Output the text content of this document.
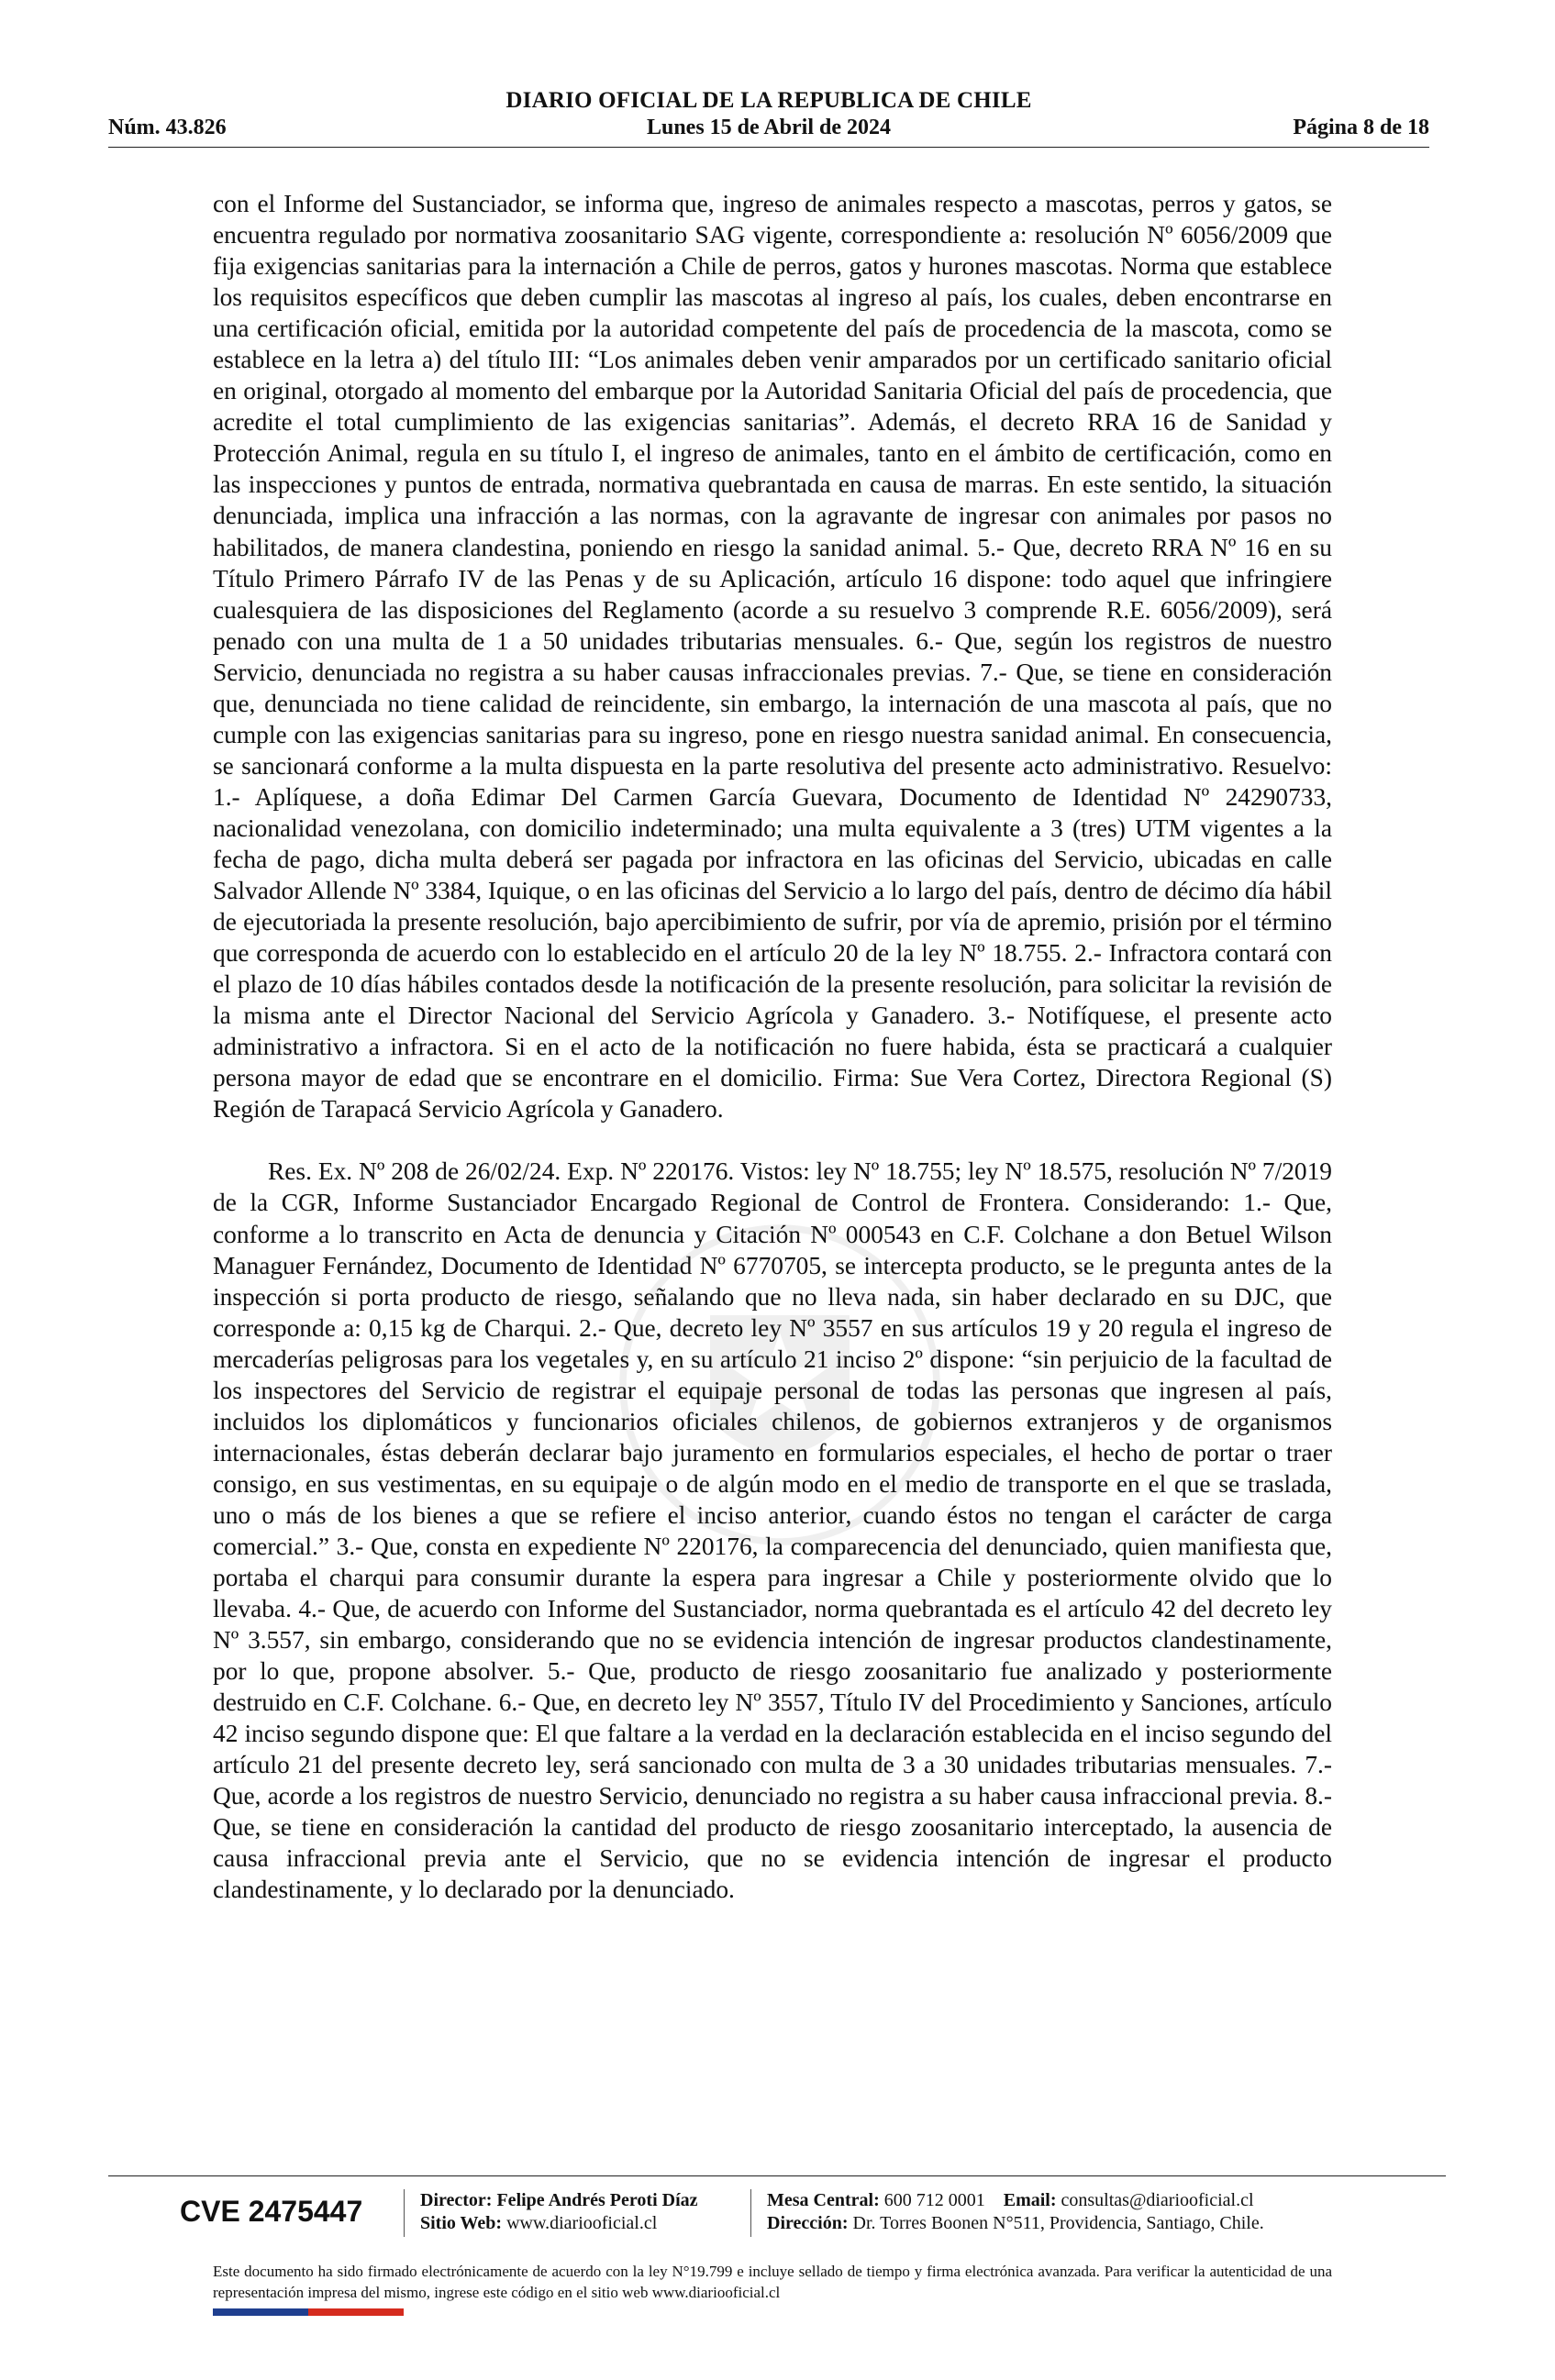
DIARIO OFICIAL DE LA REPUBLICA DE CHILE
Núm. 43.826	Lunes 15 de Abril de 2024	Página 8 de 18

con el Informe del Sustanciador, se informa que, ingreso de animales respecto a mascotas, perros y gatos, se encuentra regulado por normativa zoosanitario SAG vigente, correspondiente a: resolución Nº 6056/2009 que fija exigencias sanitarias para la internación a Chile de perros, gatos y hurones mascotas. Norma que establece los requisitos específicos que deben cumplir las mascotas al ingreso al país, los cuales, deben encontrarse en una certificación oficial, emitida por la autoridad competente del país de procedencia de la mascota, como se establece en la letra a) del título III: “Los animales deben venir amparados por un certificado sanitario oficial en original, otorgado al momento del embarque por la Autoridad Sanitaria Oficial del país de procedencia, que acredite el total cumplimiento de las exigencias sanitarias”. Además, el decreto RRA 16 de Sanidad y Protección Animal, regula en su título I, el ingreso de animales, tanto en el ámbito de certificación, como en las inspecciones y puntos de entrada, normativa quebrantada en causa de marras. En este sentido, la situación denunciada, implica una infracción a las normas, con la agravante de ingresar con animales por pasos no habilitados, de manera clandestina, poniendo en riesgo la sanidad animal. 5.- Que, decreto RRA Nº 16 en su Título Primero Párrafo IV de las Penas y de su Aplicación, artículo 16 dispone: todo aquel que infringiere cualesquiera de las disposiciones del Reglamento (acorde a su resuelvo 3 comprende R.E. 6056/2009), será penado con una multa de 1 a 50 unidades tributarias mensuales. 6.- Que, según los registros de nuestro Servicio, denunciada no registra a su haber causas infraccionales previas. 7.- Que, se tiene en consideración que, denunciada no tiene calidad de reincidente, sin embargo, la internación de una mascota al país, que no cumple con las exigencias sanitarias para su ingreso, pone en riesgo nuestra sanidad animal. En consecuencia, se sancionará conforme a la multa dispuesta en la parte resolutiva del presente acto administrativo. Resuelvo: 1.- Aplíquese, a doña Edimar Del Carmen García Guevara, Documento de Identidad Nº 24290733, nacionalidad venezolana, con domicilio indeterminado; una multa equivalente a 3 (tres) UTM vigentes a la fecha de pago, dicha multa deberá ser pagada por infractora en las oficinas del Servicio, ubicadas en calle Salvador Allende Nº 3384, Iquique, o en las oficinas del Servicio a lo largo del país, dentro de décimo día hábil de ejecutoriada la presente resolución, bajo apercibimiento de sufrir, por vía de apremio, prisión por el término que corresponda de acuerdo con lo establecido en el artículo 20 de la ley Nº 18.755. 2.- Infractora contará con el plazo de 10 días hábiles contados desde la notificación de la presente resolución, para solicitar la revisión de la misma ante el Director Nacional del Servicio Agrícola y Ganadero. 3.- Notifíquese, el presente acto administrativo a infractora. Si en el acto de la notificación no fuere habida, ésta se practicará a cualquier persona mayor de edad que se encontrare en el domicilio. Firma: Sue Vera Cortez, Directora Regional (S) Región de Tarapacá Servicio Agrícola y Ganadero.

Res. Ex. Nº 208 de 26/02/24. Exp. Nº 220176. Vistos: ley Nº 18.755; ley Nº 18.575, resolución Nº 7/2019 de la CGR, Informe Sustanciador Encargado Regional de Control de Frontera. Considerando: 1.- Que, conforme a lo transcrito en Acta de denuncia y Citación Nº 000543 en C.F. Colchane a don Betuel Wilson Managuer Fernández, Documento de Identidad Nº 6770705, se intercepta producto, se le pregunta antes de la inspección si porta producto de riesgo, señalando que no lleva nada, sin haber declarado en su DJC, que corresponde a: 0,15 kg de Charqui. 2.- Que, decreto ley Nº 3557 en sus artículos 19 y 20 regula el ingreso de mercaderías peligrosas para los vegetales y, en su artículo 21 inciso 2º dispone: “sin perjuicio de la facultad de los inspectores del Servicio de registrar el equipaje personal de todas las personas que ingresen al país, incluidos los diplomáticos y funcionarios oficiales chilenos, de gobiernos extranjeros y de organismos internacionales, éstas deberán declarar bajo juramento en formularios especiales, el hecho de portar o traer consigo, en sus vestimentas, en su equipaje o de algún modo en el medio de transporte en el que se traslada, uno o más de los bienes a que se refiere el inciso anterior, cuando éstos no tengan el carácter de carga comercial.” 3.- Que, consta en expediente Nº 220176, la comparecencia del denunciado, quien manifiesta que, portaba el charqui para consumir durante la espera para ingresar a Chile y posteriormente olvido que lo llevaba. 4.- Que, de acuerdo con Informe del Sustanciador, norma quebrantada es el artículo 42 del decreto ley Nº 3.557, sin embargo, considerando que no se evidencia intención de ingresar productos clandestinamente, por lo que, propone absolver. 5.- Que, producto de riesgo zoosanitario fue analizado y posteriormente destruido en C.F. Colchane. 6.- Que, en decreto ley Nº 3557, Título IV del Procedimiento y Sanciones, artículo 42 inciso segundo dispone que: El que faltare a la verdad en la declaración establecida en el inciso segundo del artículo 21 del presente decreto ley, será sancionado con multa de 3 a 30 unidades tributarias mensuales. 7.- Que, acorde a los registros de nuestro Servicio, denunciado no registra a su haber causa infraccional previa. 8.- Que, se tiene en consideración la cantidad del producto de riesgo zoosanitario interceptado, la ausencia de causa infraccional previa ante el Servicio, que no se evidencia intención de ingresar el producto clandestinamente, y lo declarado por la denunciado.

CVE 2475447	Director: Felipe Andrés Peroti Díaz
Sitio Web: www.diariooficial.cl
Mesa Central: 600 712 0001 Email: consultas@diariooficial.cl
Dirección: Dr. Torres Boonen N°511, Providencia, Santiago, Chile.
Este documento ha sido firmado electrónicamente de acuerdo con la ley N°19.799 e incluye sellado de tiempo y firma electrónica avanzada. Para verificar la autenticidad de una representación impresa del mismo, ingrese este código en el sitio web www.diariooficial.cl
